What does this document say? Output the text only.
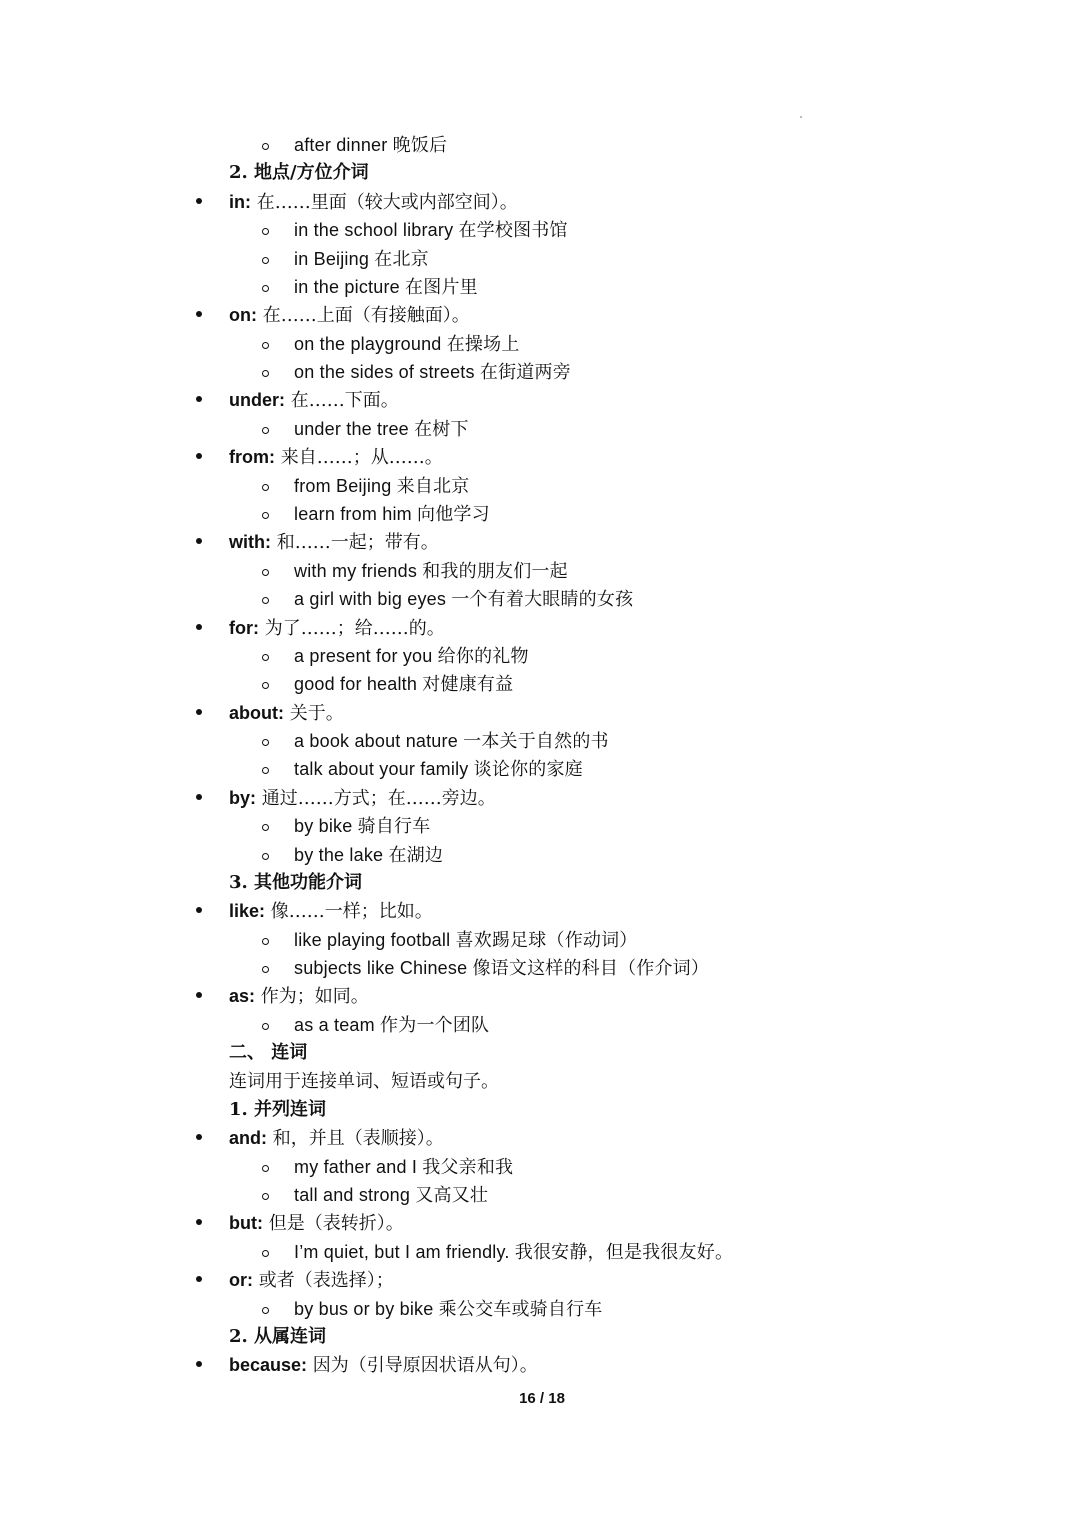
after dinner 晚饭后
2. 地点/方位介词
in: 在……里面（较大或内部空间）。
in the school library 在学校图书馆
in Beijing 在北京
in the picture 在图片里
on: 在……上面（有接触面）。
on the playground 在操场上
on the sides of streets 在街道两旁
under: 在……下面。
under the tree 在树下
from: 来自……；从……。
from Beijing 来自北京
learn from him 向他学习
with: 和……一起；带有。
with my friends 和我的朋友们一起
a girl with big eyes 一个有着大眼睛的女孩
for: 为了……；给……的。
a present for you 给你的礼物
good for health 对健康有益
about: 关于。
a book about nature 一本关于自然的书
talk about your family 谈论你的家庭
by: 通过……方式；在……旁边。
by bike 骑自行车
by the lake 在湖边
3. 其他功能介词
like: 像……一样；比如。
like playing football 喜欢踢足球（作动词）
subjects like Chinese 像语文这样的科目（作介词）
as: 作为；如同。
as a team 作为一个团队
二、 连词
连词用于连接单词、短语或句子。
1. 并列连词
and: 和，并且（表顺接）。
my father and I 我父亲和我
tall and strong 又高又壮
but: 但是（表转折）。
I’m quiet, but I am friendly. 我很安静，但是我很友好。
or: 或者（表选择）；
by bus or by bike 乘公交车或骑自行车
2. 从属连词
because: 因为（引导原因状语从句）。
16 / 18
